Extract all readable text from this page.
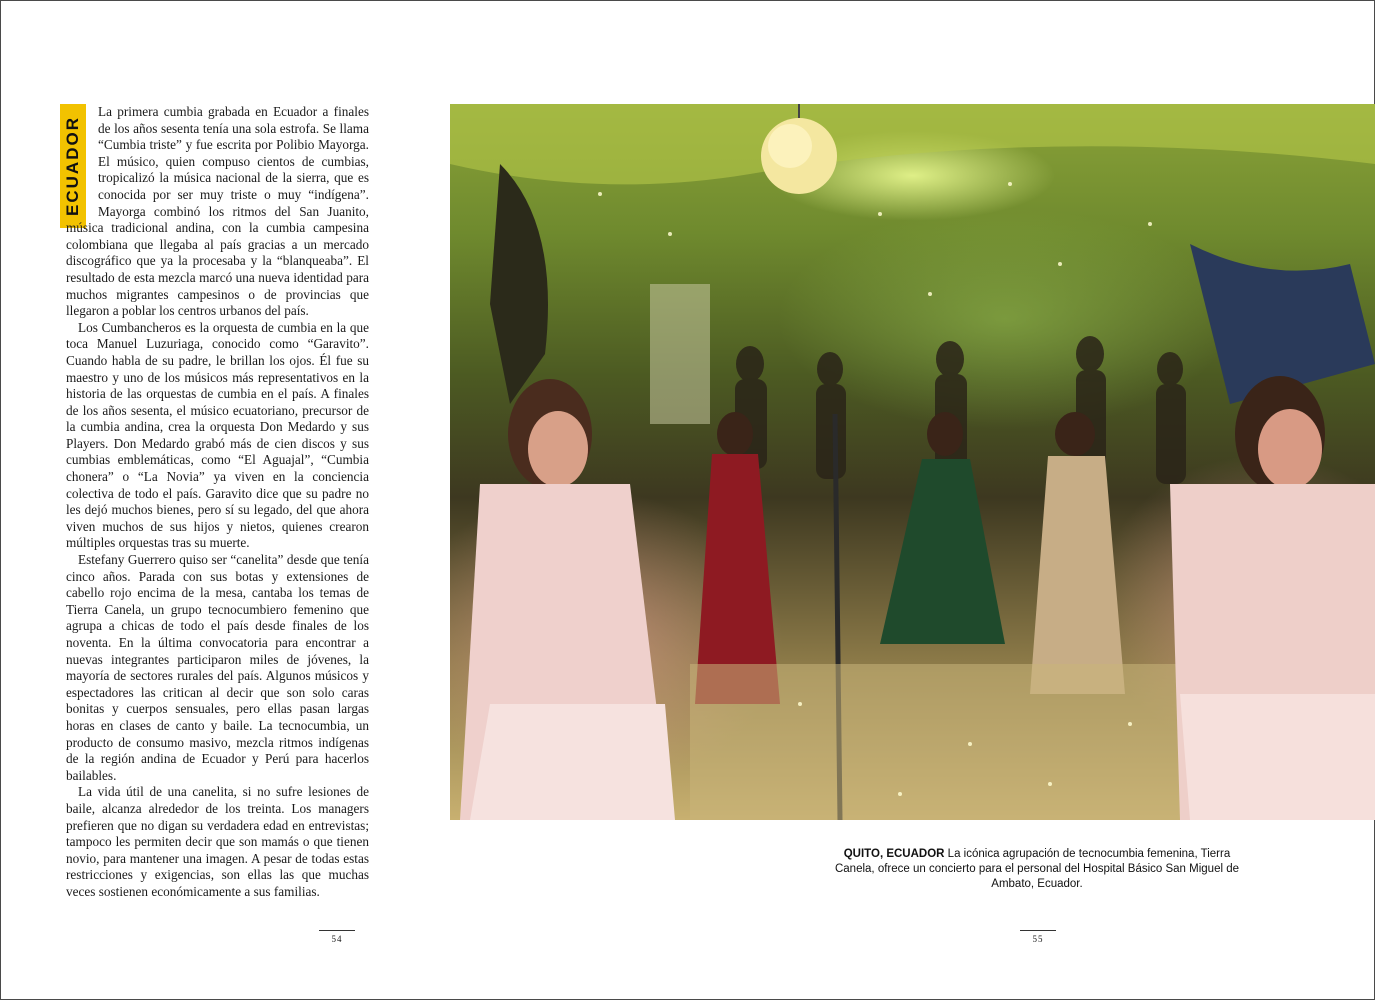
ECUADOR

La primera cumbia grabada en Ecuador a finales de los años sesenta tenía una sola estrofa. Se llama “Cumbia triste” y fue escrita por Polibio Mayorga. El músico, quien compuso cientos de cumbias, tropicalizó la música nacional de la sierra, que es conocida por ser muy triste o muy “indígena”. Mayorga combinó los ritmos del San Juanito, música tradicional andina, con la cumbia campesina colombiana que llegaba al país gracias a un mercado discográfico que ya la procesaba y la “blanqueaba”. El resultado de esta mezcla marcó una nueva identidad para muchos migrantes campesinos o de provincias que llegaron a poblar los centros urbanos del país.

Los Cumbancheros es la orquesta de cumbia en la que toca Manuel Luzuriaga, conocido como “Garavito”. Cuando habla de su padre, le brillan los ojos. Él fue su maestro y uno de los músicos más representativos en la historia de las orquestas de cumbia en el país. A finales de los años sesenta, el músico ecuatoriano, precursor de la cumbia andina, crea la orquesta Don Medardo y sus Players. Don Medardo grabó más de cien discos y sus cumbias emblemáticas, como “El Aguajal”, “Cumbia chonera” o “La Novia” ya viven en la conciencia colectiva de todo el país. Garavito dice que su padre no les dejó muchos bienes, pero sí su legado, del que ahora viven muchos de sus hijos y nietos, quienes crearon múltiples orquestas tras su muerte.

Estefany Guerrero quiso ser “canelita” desde que tenía cinco años. Parada con sus botas y extensiones de cabello rojo encima de la mesa, cantaba los temas de Tierra Canela, un grupo tecnocumbiero femenino que agrupa a chicas de todo el país desde finales de los noventa. En la última convocatoria para encontrar a nuevas integrantes participaron miles de jóvenes, la mayoría de sectores rurales del país. Algunos músicos y espectadores las critican al decir que son solo caras bonitas y cuerpos sensuales, pero ellas pasan largas horas en clases de canto y baile. La tecnocumbia, un producto de consumo masivo, mezcla ritmos indígenas de la región andina de Ecuador y Perú para hacerlos bailables.

La vida útil de una canelita, si no sufre lesiones de baile, alcanza alrededor de los treinta. Los managers prefieren que no digan su verdadera edad en entrevistas; tampoco les permiten decir que son mamás o que tienen novio, para mantener una imagen. A pesar de todas estas restricciones y exigencias, son ellas las que muchas veces sostienen económicamente a sus familias.

QUITO, ECUADOR La icónica agrupación de tecnocumbia femenina, Tierra Canela, ofrece un concierto para el personal del Hospital Básico San Miguel de Ambato, Ecuador.
54	55
